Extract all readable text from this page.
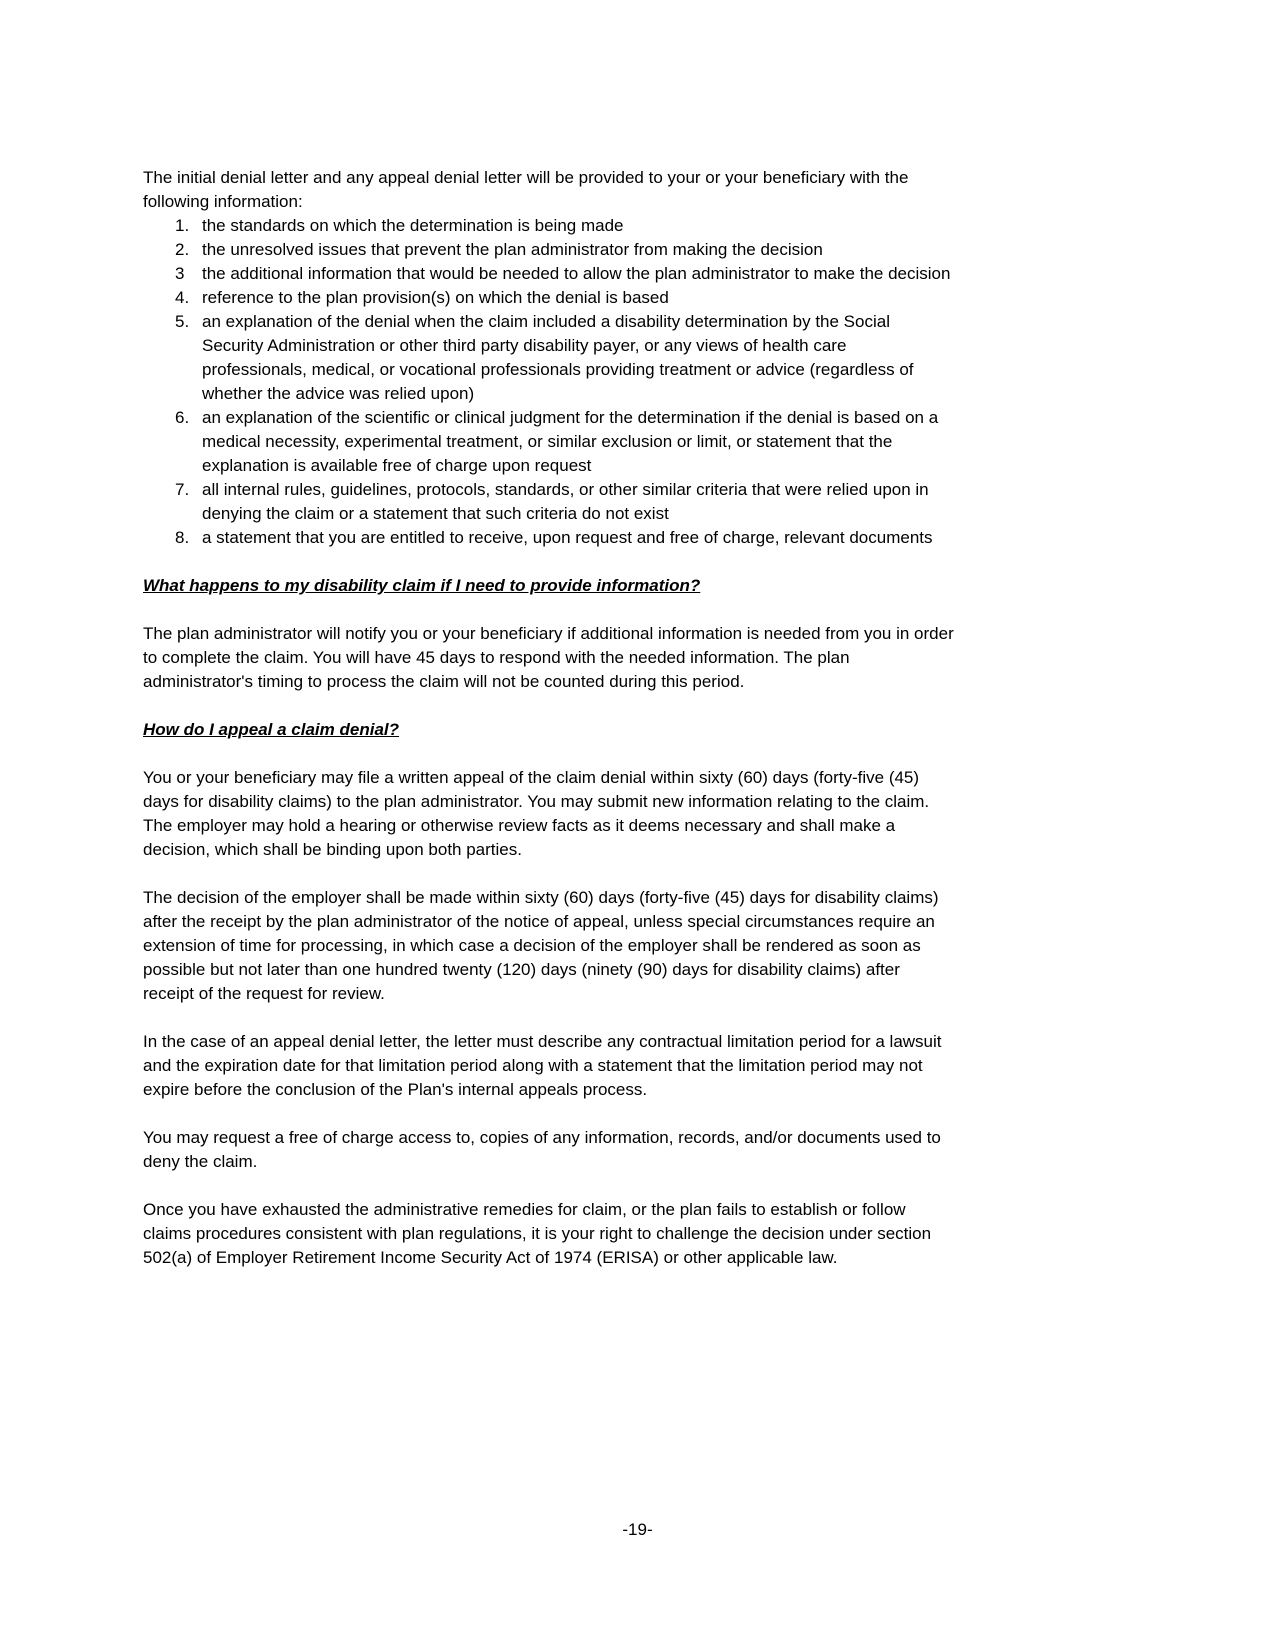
The initial denial letter and any appeal denial letter will be provided to your or your beneficiary with the
following information:
1. the standards on which the determination is being made
2. the unresolved issues that prevent the plan administrator from making the decision
3	the additional information that would be needed to allow the plan administrator to make the decision
4. reference to the plan provision(s) on which the denial is based
5. an explanation of the denial when the claim included a disability determination by the Social
Security Administration or other third party disability payer, or any views of health care
professionals, medical, or vocational professionals providing treatment or advice (regardless of
whether the advice was relied upon)
6. an explanation of the scientific or clinical judgment for the determination if the denial is based on a
medical necessity, experimental treatment, or similar exclusion or limit, or statement that the
explanation is available free of charge upon request
7. all internal rules, guidelines, protocols, standards, or other similar criteria that were relied upon in
denying the claim or a statement that such criteria do not exist
8. a statement that you are entitled to receive, upon request and free of charge, relevant documents
What happens to my disability claim if I need to provide information?
The plan administrator will notify you or your beneficiary if additional information is needed from you in order
to complete the claim. You will have 45 days to respond with the needed information. The plan
administrator's timing to process the claim will not be counted during this period.
How do I appeal a claim denial?
You or your beneficiary may file a written appeal of the claim denial within sixty (60) days (forty-five (45)
days for disability claims) to the plan administrator. You may submit new information relating to the claim.
The employer may hold a hearing or otherwise review facts as it deems necessary and shall make a
decision, which shall be binding upon both parties.
The decision of the employer shall be made within sixty (60) days (forty-five (45) days for disability claims)
after the receipt by the plan administrator of the notice of appeal, unless special circumstances require an
extension of time for processing, in which case a decision of the employer shall be rendered as soon as
possible but not later than one hundred twenty (120) days (ninety (90) days for disability claims) after
receipt of the request for review.
In the case of an appeal denial letter, the letter must describe any contractual limitation period for a lawsuit
and the expiration date for that limitation period along with a statement that the limitation period may not
expire before the conclusion of the Plan's internal appeals process.
You may request a free of charge access to, copies of any information, records, and/or documents used to
deny the claim.
Once you have exhausted the administrative remedies for claim, or the plan fails to establish or follow
claims procedures consistent with plan regulations, it is your right to challenge the decision under section
502(a) of Employer Retirement Income Security Act of 1974 (ERISA) or other applicable law.
-19-
